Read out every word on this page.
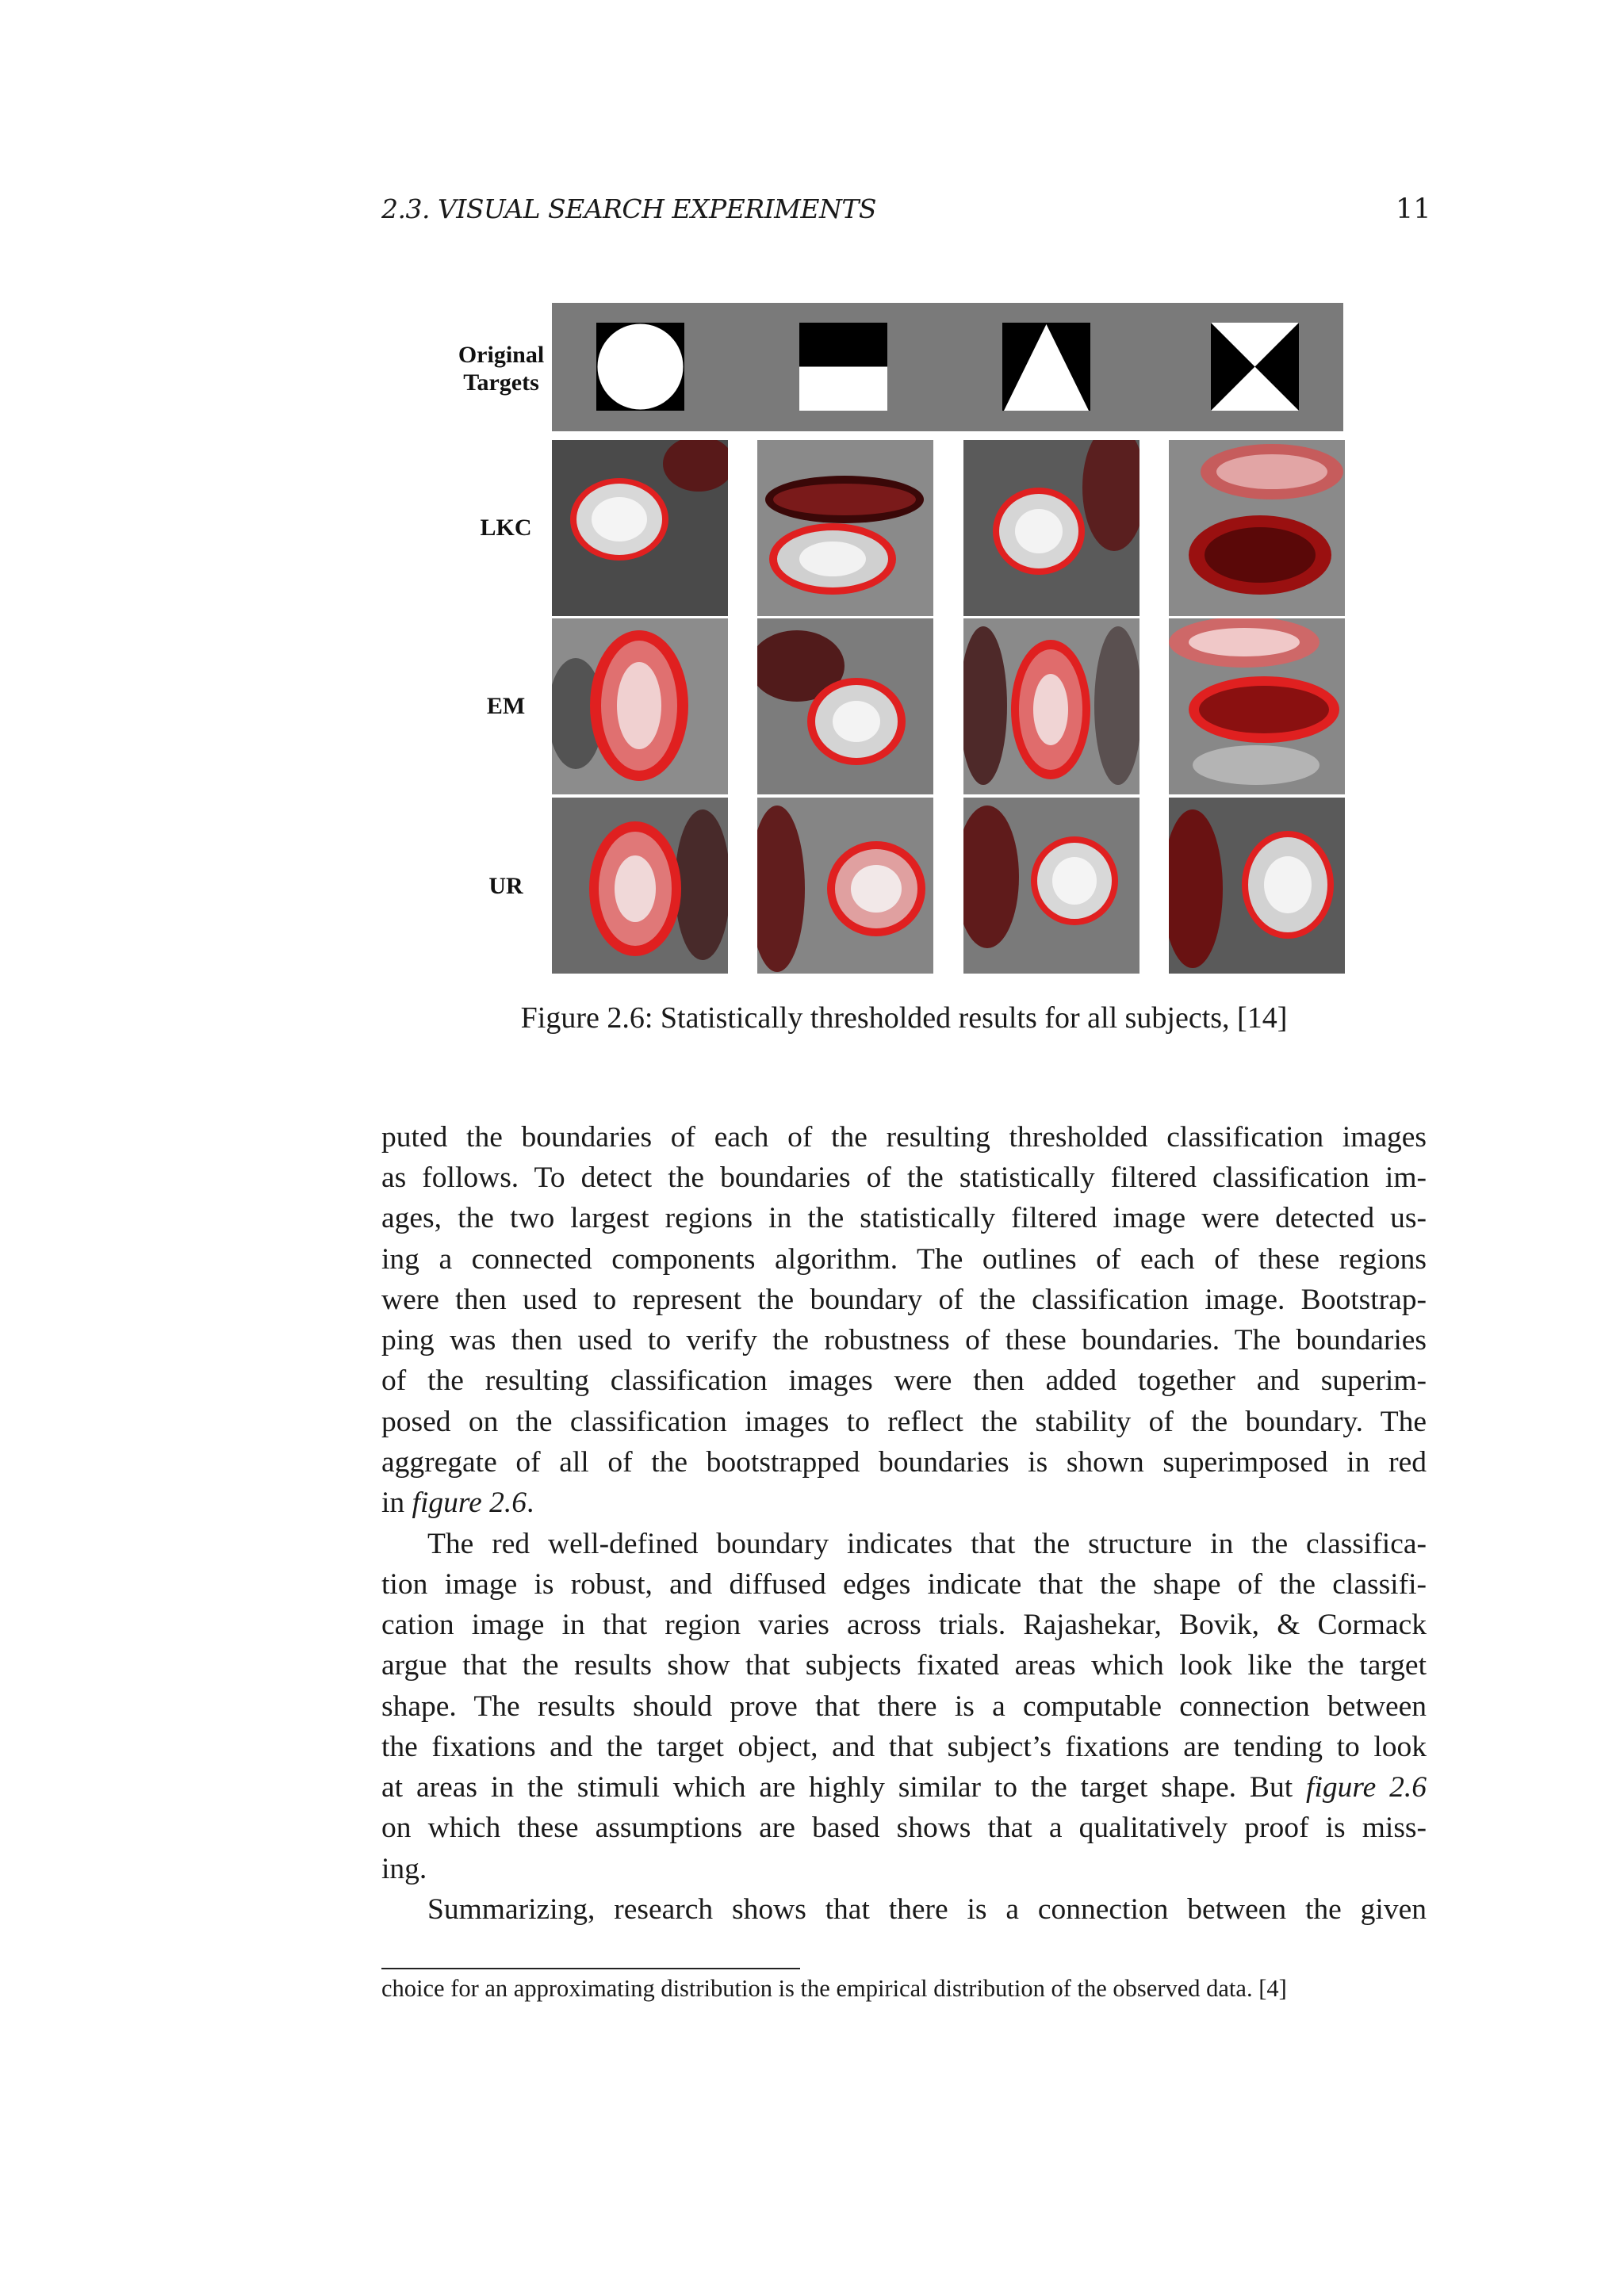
2.3. VISUAL SEARCH EXPERIMENTS	11
Original
Targets
LKC
EM
UR
Figure 2.6: Statistically thresholded results for all subjects, [14]
puted the boundaries of each of the resulting thresholded classification images
as follows. To detect the boundaries of the statistically filtered classification im-
ages, the two largest regions in the statistically filtered image were detected us-
ing a connected components algorithm. The outlines of each of these regions
were then used to represent the boundary of the classification image. Bootstrap-
ping was then used to verify the robustness of these boundaries. The boundaries
of the resulting classification images were then added together and superim-
posed on the classification images to reflect the stability of the boundary. The
aggregate of all of the bootstrapped boundaries is shown superimposed in red
in figure 2.6.
The red well-defined boundary indicates that the structure in the classifica-
tion image is robust, and diffused edges indicate that the shape of the classifi-
cation image in that region varies across trials. Rajashekar, Bovik, & Cormack
argue that the results show that subjects fixated areas which look like the target
shape. The results should prove that there is a computable connection between
the fixations and the target object, and that subject’s fixations are tending to look
at areas in the stimuli which are highly similar to the target shape. But figure 2.6
on which these assumptions are based shows that a qualitatively proof is miss-
ing.
Summarizing, research shows that there is a connection between the given
choice for an approximating distribution is the empirical distribution of the observed data. [4]
